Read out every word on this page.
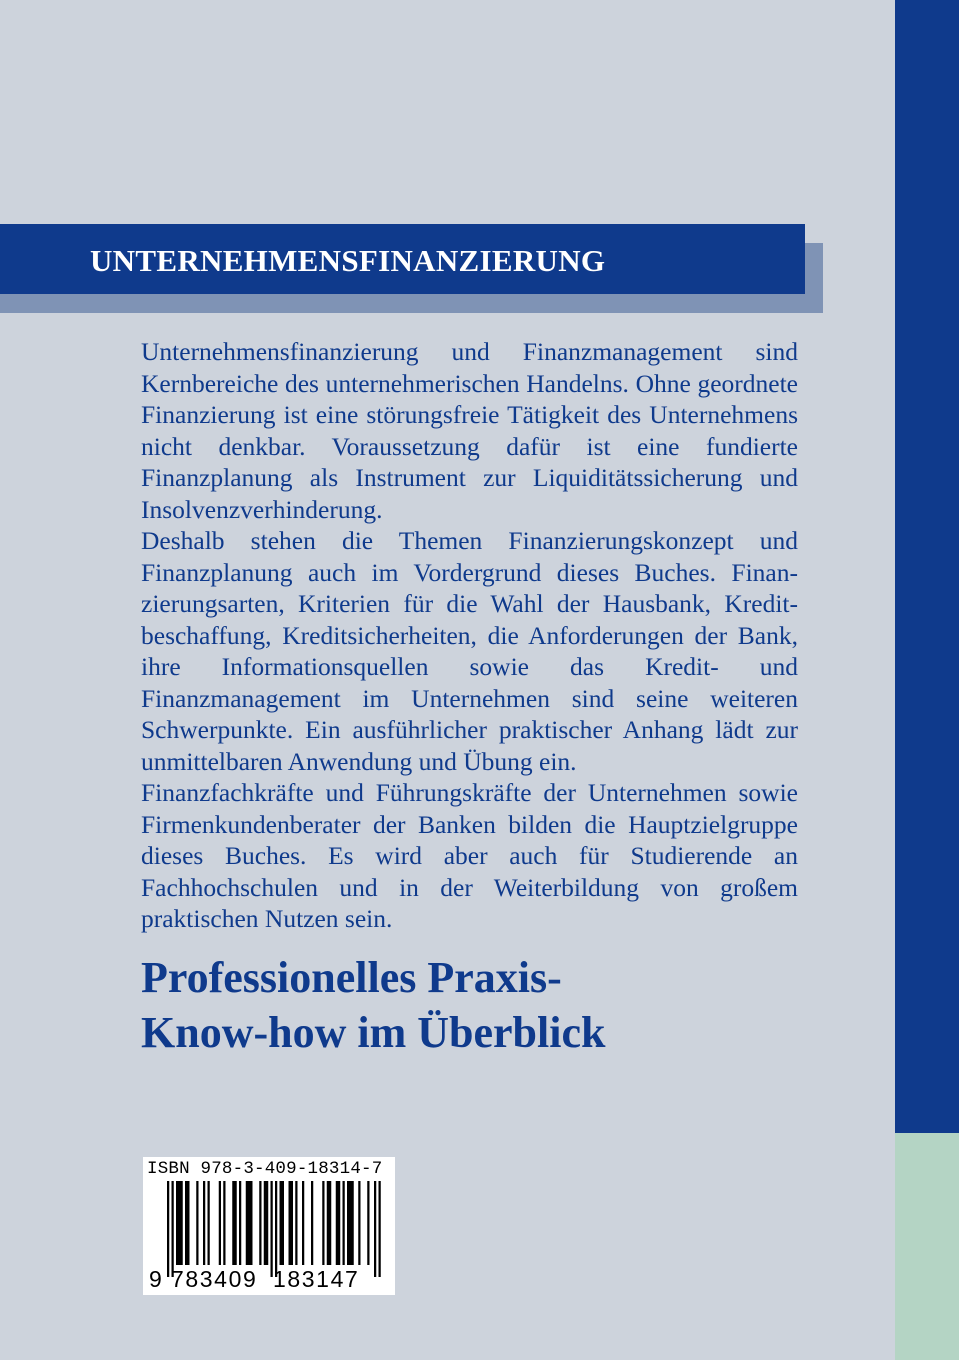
UNTERNEHMENSFINANZIERUNG

Unternehmensfinanzierung und Finanzmanagement sind Kernbereiche des unternehmerischen Handelns. Ohne geordnete Finanzierung ist eine störungsfreie Tätigkeit des Unternehmens nicht denkbar. Voraussetzung dafür ist eine fundierte Finanzplanung als Instrument zur Liquiditätssicherung und Insolvenzverhinderung.

Deshalb stehen die Themen Finanzierungskonzept und Finanzplanung auch im Vordergrund dieses Buches. Finanzierungsarten, Kriterien für die Wahl der Hausbank, Kreditbeschaffung, Kreditsicherheiten, die Anforderungen der Bank, ihre Informationsquellen sowie das Kredit- und Finanzmanagement im Unternehmen sind seine weiteren Schwerpunkte. Ein ausführlicher praktischer Anhang lädt zur unmittelbaren Anwendung und Übung ein.

Finanzfachkräfte und Führungskräfte der Unternehmen sowie Firmenkundenberater der Banken bilden die Hauptzielgruppe dieses Buches. Es wird aber auch für Studierende an Fachhochschulen und in der Weiterbildung von großem praktischen Nutzen sein.

Professionelles Praxis-
Know-how im Überblick
ISBN 978-3-409-18314-7
9 783409 183147
